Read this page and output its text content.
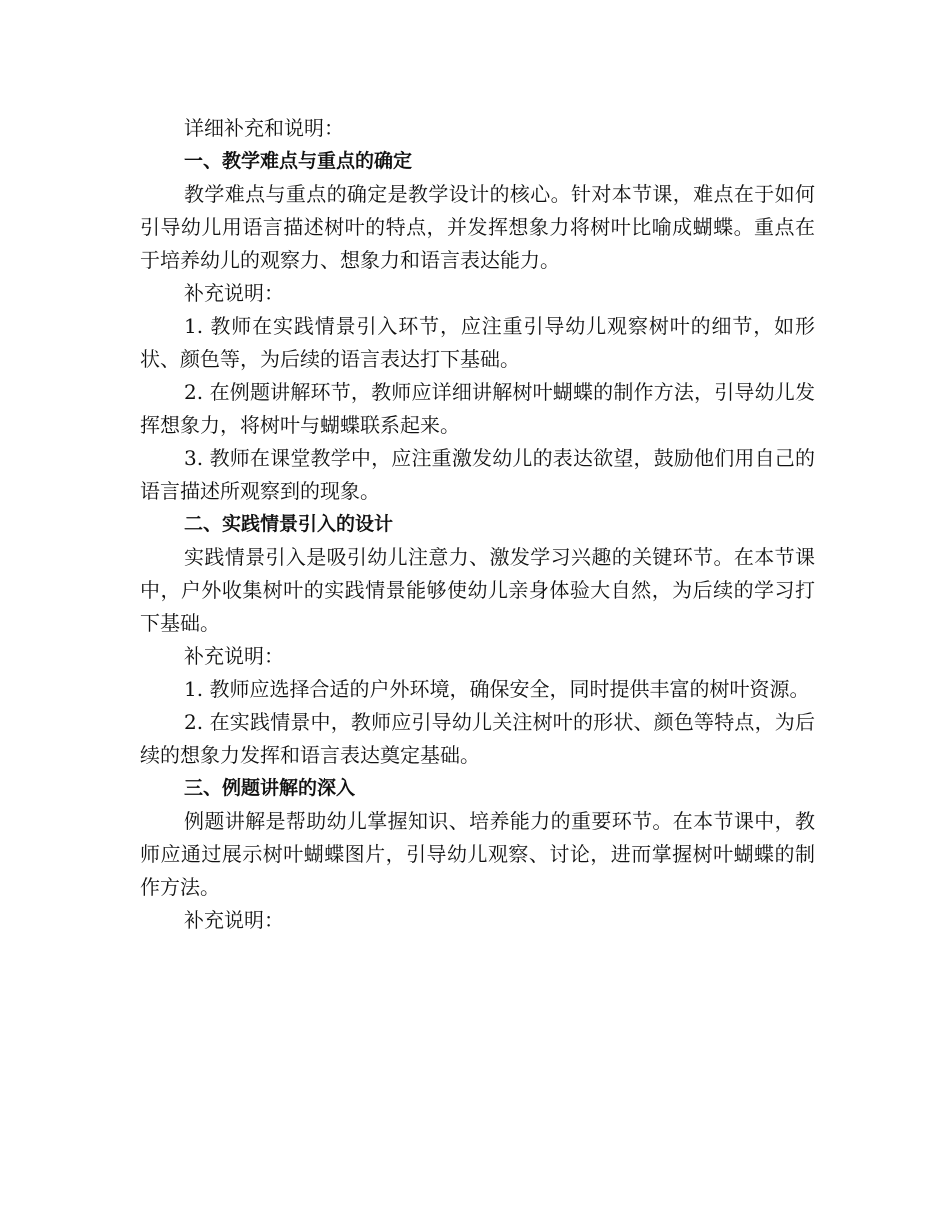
详细补充和说明：

一、教学难点与重点的确定

教学难点与重点的确定是教学设计的核心。针对本节课，难点在于如何引导幼儿用语言描述树叶的特点，并发挥想象力将树叶比喻成蝴蝶。重点在于培养幼儿的观察力、想象力和语言表达能力。

补充说明：

1. 教师在实践情景引入环节，应注重引导幼儿观察树叶的细节，如形状、颜色等，为后续的语言表达打下基础。

2. 在例题讲解环节，教师应详细讲解树叶蝴蝶的制作方法，引导幼儿发挥想象力，将树叶与蝴蝶联系起来。

3. 教师在课堂教学中，应注重激发幼儿的表达欲望，鼓励他们用自己的语言描述所观察到的现象。

二、实践情景引入的设计

实践情景引入是吸引幼儿注意力、激发学习兴趣的关键环节。在本节课中，户外收集树叶的实践情景能够使幼儿亲身体验大自然，为后续的学习打下基础。

补充说明：

1. 教师应选择合适的户外环境，确保安全，同时提供丰富的树叶资源。

2. 在实践情景中，教师应引导幼儿关注树叶的形状、颜色等特点，为后续的想象力发挥和语言表达奠定基础。

三、例题讲解的深入

例题讲解是帮助幼儿掌握知识、培养能力的重要环节。在本节课中，教师应通过展示树叶蝴蝶图片，引导幼儿观察、讨论，进而掌握树叶蝴蝶的制作方法。

补充说明：
